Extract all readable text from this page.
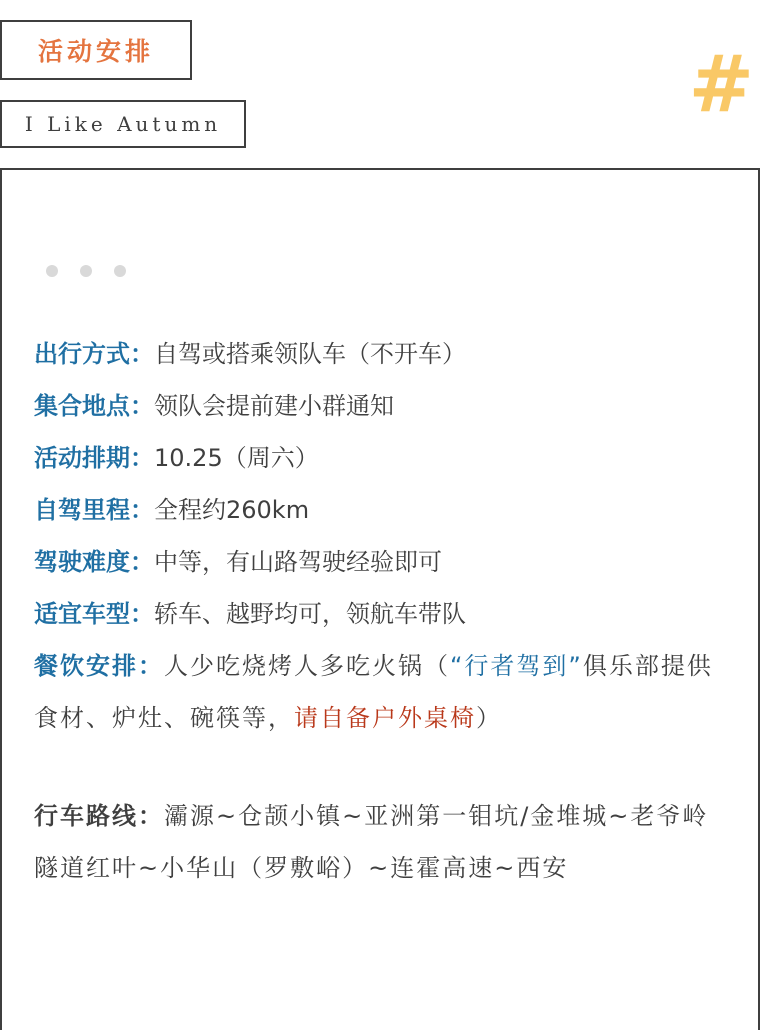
活动安排
I Like Autumn	#
出行方式：自驾或搭乘领队车（不开车）
集合地点：领队会提前建小群通知
活动排期：10.25（周六）
自驾里程：全程约260km
驾驶难度：中等，有山路驾驶经验即可
适宜车型：轿车、越野均可，领航车带队
餐饮安排：人少吃烧烤人多吃火锅（“行者驾到”俱乐部提供食材、炉灶、碗筷等，请自备户外桌椅）
行车路线：灞源~仓颉小镇~亚洲第一钼坑/金堆城~老爷岭隧道红叶~小华山（罗敷峪）~连霍高速~西安
